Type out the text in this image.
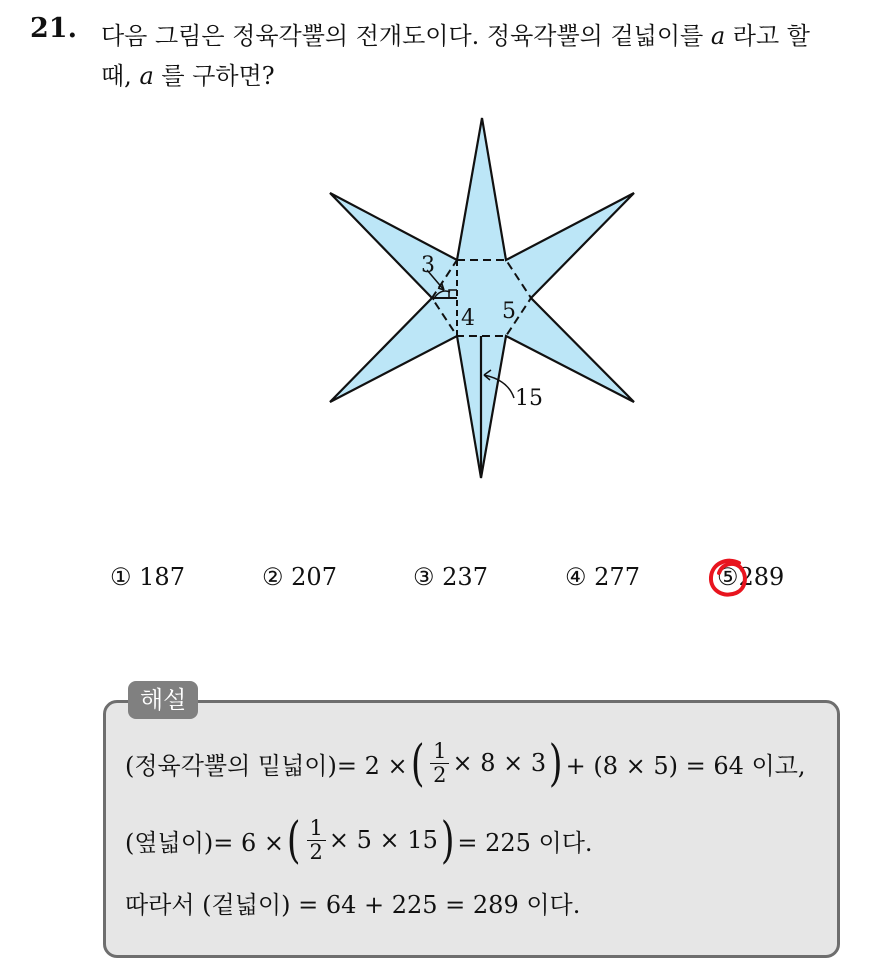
21. 다음 그림은 정육각뿔의 전개도이다. 정육각뿔의 겉넓이를 a 라고 할
때, a 를 구하면?
3
4 5
15
① 187	② 207	③ 237	④ 277	⑤289
해설
(정육각뿔의 밑넓이)= 2 × ( $\frac{1}{2} \times 8 \times 3$ ) + (8 × 5) = 64 이고,
(옆넓이)= 6 × ( $\frac{1}{2} \times 5 \times 15$ ) = 225 이다.
따라서 (겉넓이) = 64 + 225 = 289 이다.
